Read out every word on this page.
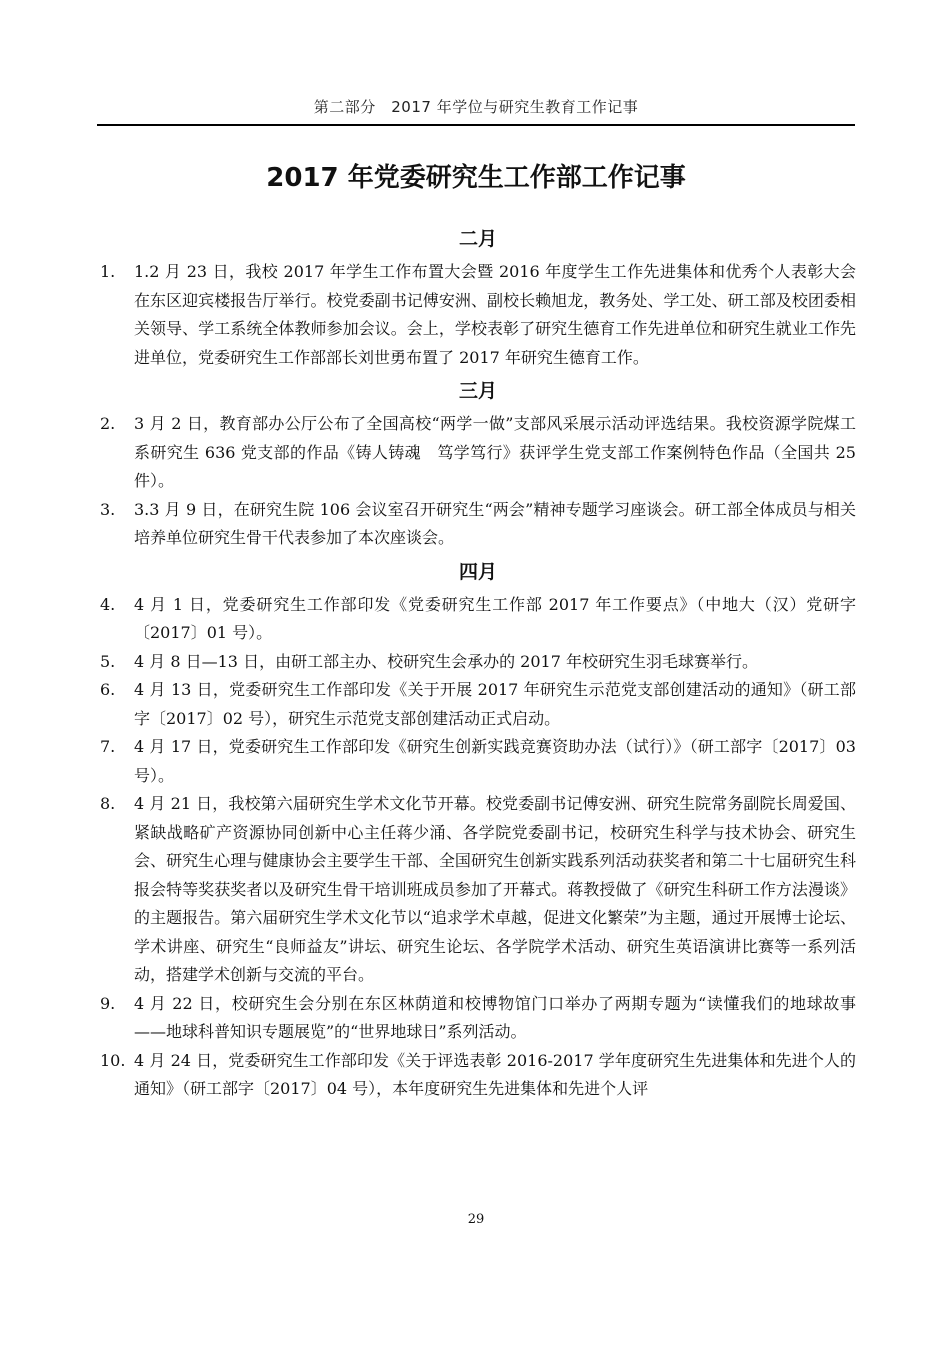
第二部分　2017 年学位与研究生教育工作记事
2017 年党委研究生工作部工作记事
二月
1.	1.2 月 23 日，我校 2017 年学生工作布置大会暨 2016 年度学生工作先进集体和优秀个人表彰大会在东区迎宾楼报告厅举行。校党委副书记傅安洲、副校长赖旭龙，教务处、学工处、研工部及校团委相关领导、学工系统全体教师参加会议。会上，学校表彰了研究生德育工作先进单位和研究生就业工作先进单位，党委研究生工作部部长刘世勇布置了 2017 年研究生德育工作。
三月
2.	3 月 2 日，教育部办公厅公布了全国高校“两学一做”支部风采展示活动评选结果。我校资源学院煤工系研究生 636 党支部的作品《铸人铸魂　笃学笃行》获评学生党支部工作案例特色作品（全国共 25 件）。
3.	3.3 月 9 日，在研究生院 106 会议室召开研究生“两会”精神专题学习座谈会。研工部全体成员与相关培养单位研究生骨干代表参加了本次座谈会。
四月
4.	4 月 1 日，党委研究生工作部印发《党委研究生工作部 2017 年工作要点》（中地大（汉）党研字〔2017〕01 号）。
5.	4 月 8 日—13 日，由研工部主办、校研究生会承办的 2017 年校研究生羽毛球赛举行。
6.	4 月 13 日，党委研究生工作部印发《关于开展 2017 年研究生示范党支部创建活动的通知》（研工部字〔2017〕02 号），研究生示范党支部创建活动正式启动。
7.	4 月 17 日，党委研究生工作部印发《研究生创新实践竞赛资助办法（试行）》（研工部字〔2017〕03 号）。
8.	4 月 21 日，我校第六届研究生学术文化节开幕。校党委副书记傅安洲、研究生院常务副院长周爱国、紧缺战略矿产资源协同创新中心主任蒋少涌、各学院党委副书记，校研究生科学与技术协会、研究生会、研究生心理与健康协会主要学生干部、全国研究生创新实践系列活动获奖者和第二十七届研究生科报会特等奖获奖者以及研究生骨干培训班成员参加了开幕式。蒋教授做了《研究生科研工作方法漫谈》的主题报告。第六届研究生学术文化节以“追求学术卓越，促进文化繁荣”为主题，通过开展博士论坛、学术讲座、研究生“良师益友”讲坛、研究生论坛、各学院学术活动、研究生英语演讲比赛等一系列活动，搭建学术创新与交流的平台。
9.	4 月 22 日，校研究生会分别在东区林荫道和校博物馆门口举办了两期专题为“读懂我们的地球故事——地球科普知识专题展览”的“世界地球日”系列活动。
10. 4 月 24 日，党委研究生工作部印发《关于评选表彰 2016-2017 学年度研究生先进集体和先进个人的通知》（研工部字〔2017〕04 号），本年度研究生先进集体和先进个人评
29
